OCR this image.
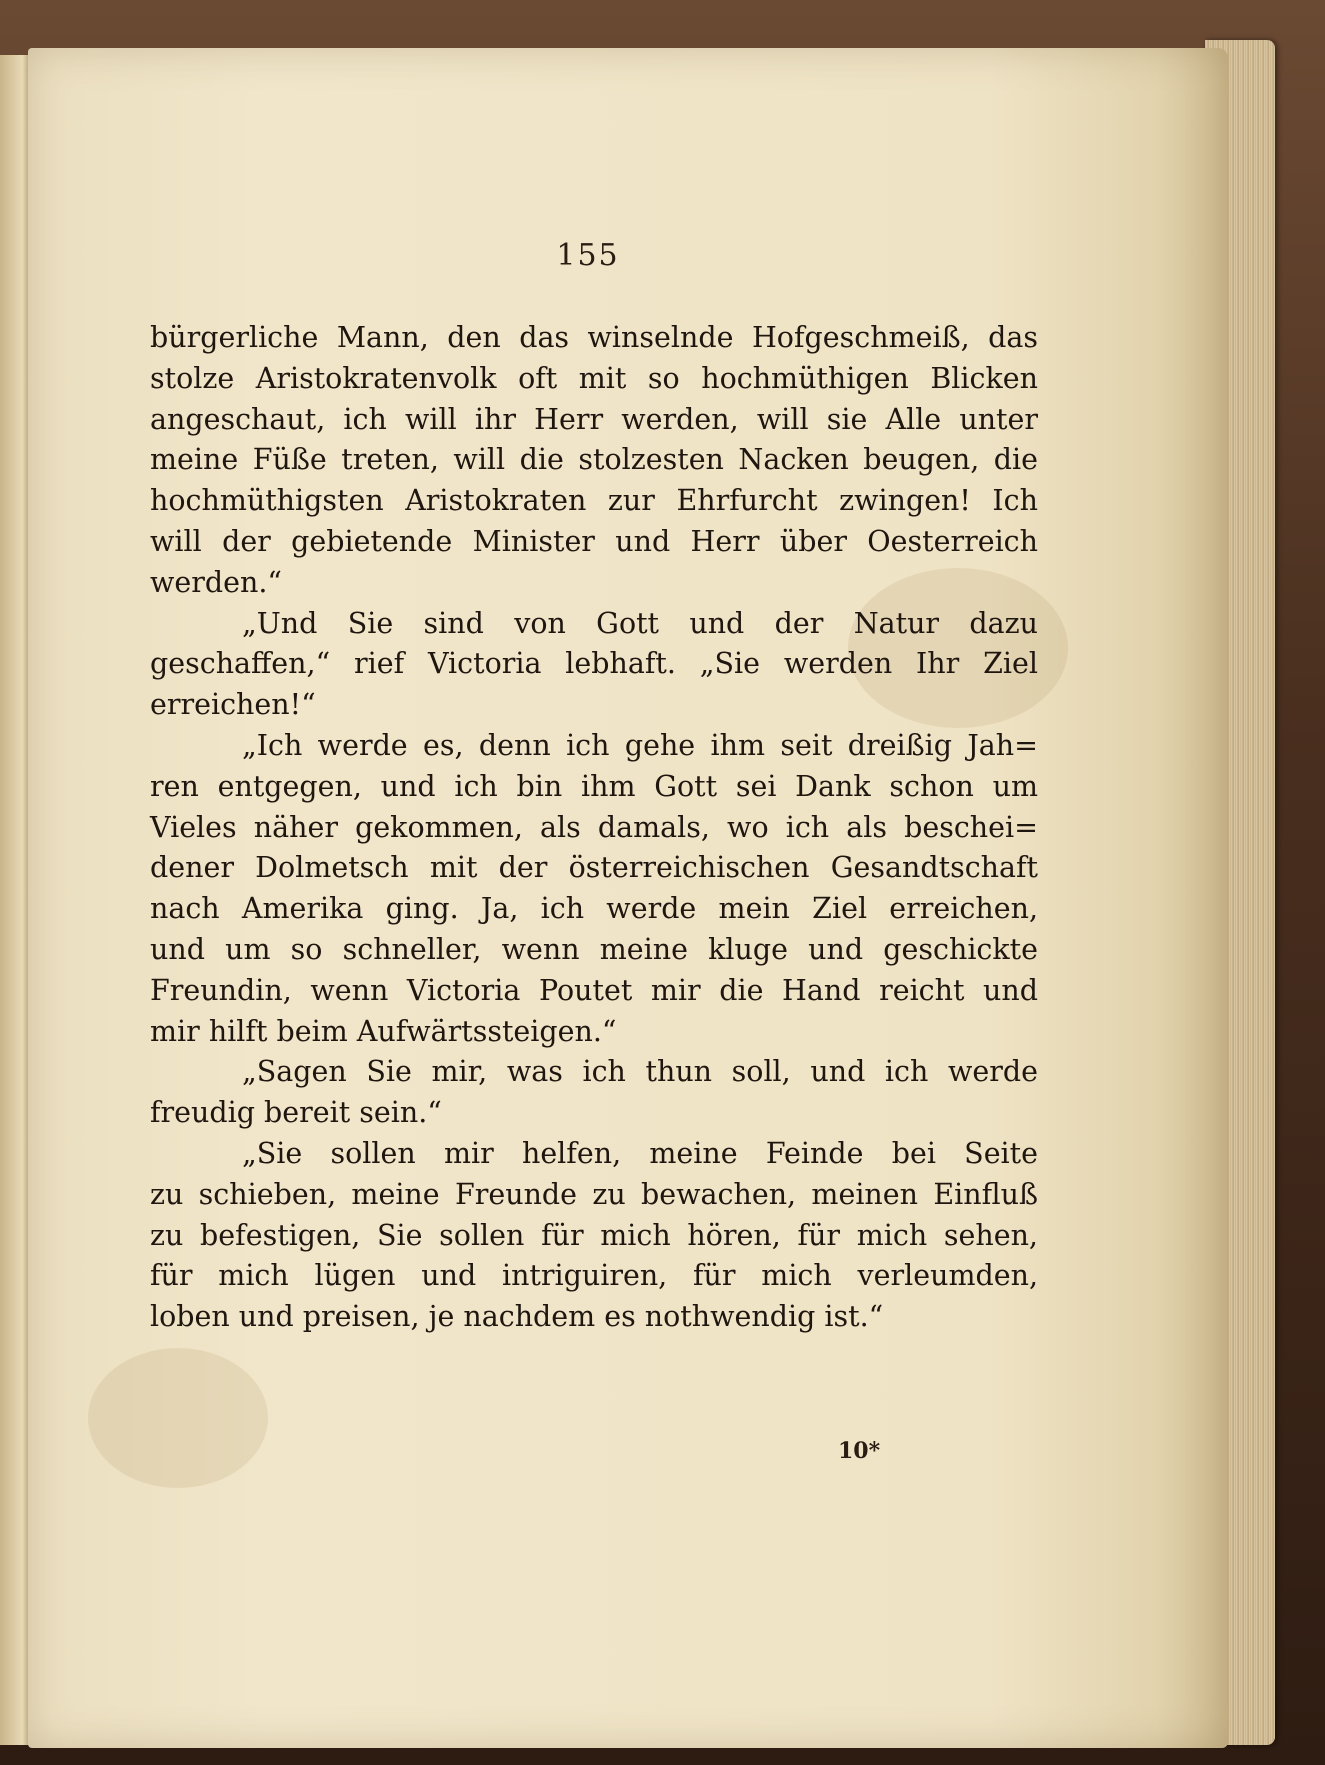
155
bürgerliche Mann, den das winselnde Hofgeschmeiß, das
stolze Aristokratenvolk oft mit so hochmüthigen Blicken
angeschaut, ich will ihr Herr werden, will sie Alle unter
meine Füße treten, will die stolzesten Nacken beugen, die
hochmüthigsten Aristokraten zur Ehrfurcht zwingen! Ich
will der gebietende Minister und Herr über Oesterreich
werden.“
„Und Sie sind von Gott und der Natur dazu
geschaffen,“ rief Victoria lebhaft. „Sie werden Ihr Ziel
erreichen!“
„Ich werde es, denn ich gehe ihm seit dreißig Jah=
ren entgegen, und ich bin ihm Gott sei Dank schon um
Vieles näher gekommen, als damals, wo ich als beschei=
dener Dolmetsch mit der österreichischen Gesandtschaft
nach Amerika ging. Ja, ich werde mein Ziel erreichen,
und um so schneller, wenn meine kluge und geschickte
Freundin, wenn Victoria Poutet mir die Hand reicht und
mir hilft beim Aufwärtssteigen.“
„Sagen Sie mir, was ich thun soll, und ich werde
freudig bereit sein.“
„Sie sollen mir helfen, meine Feinde bei Seite
zu schieben, meine Freunde zu bewachen, meinen Einfluß
zu befestigen, Sie sollen für mich hören, für mich sehen,
für mich lügen und intriguiren, für mich verleumden,
loben und preisen, je nachdem es nothwendig ist.“
10*
